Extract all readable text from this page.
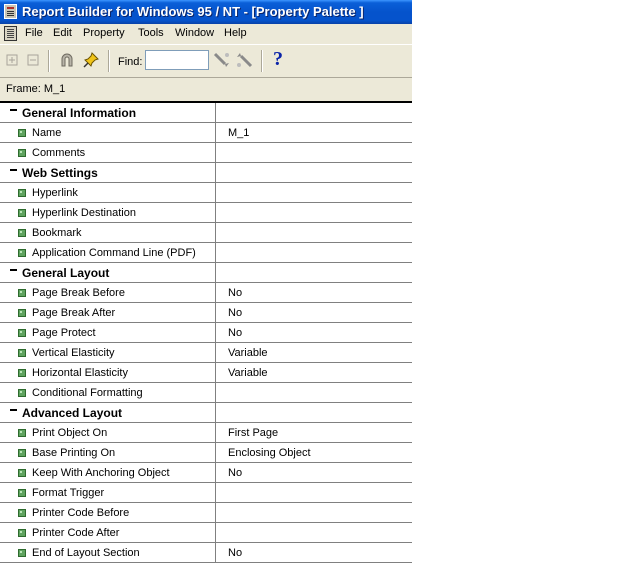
Report Builder for Windows 95 / NT - [Property Palette ]
File Edit Property Tools Window Help
Find:	?
Frame: M_1
General Information
Name	M_1
Comments
Web Settings
Hyperlink
Hyperlink Destination
Bookmark
Application Command Line (PDF)
General Layout
Page Break Before	No
Page Break After	No
Page Protect	No
Vertical Elasticity	Variable
Horizontal Elasticity	Variable
Conditional Formatting
Advanced Layout
Print Object On	First Page
Base Printing On	Enclosing Object
Keep With Anchoring Object	No
Format Trigger
Printer Code Before
Printer Code After
End of Layout Section	No
